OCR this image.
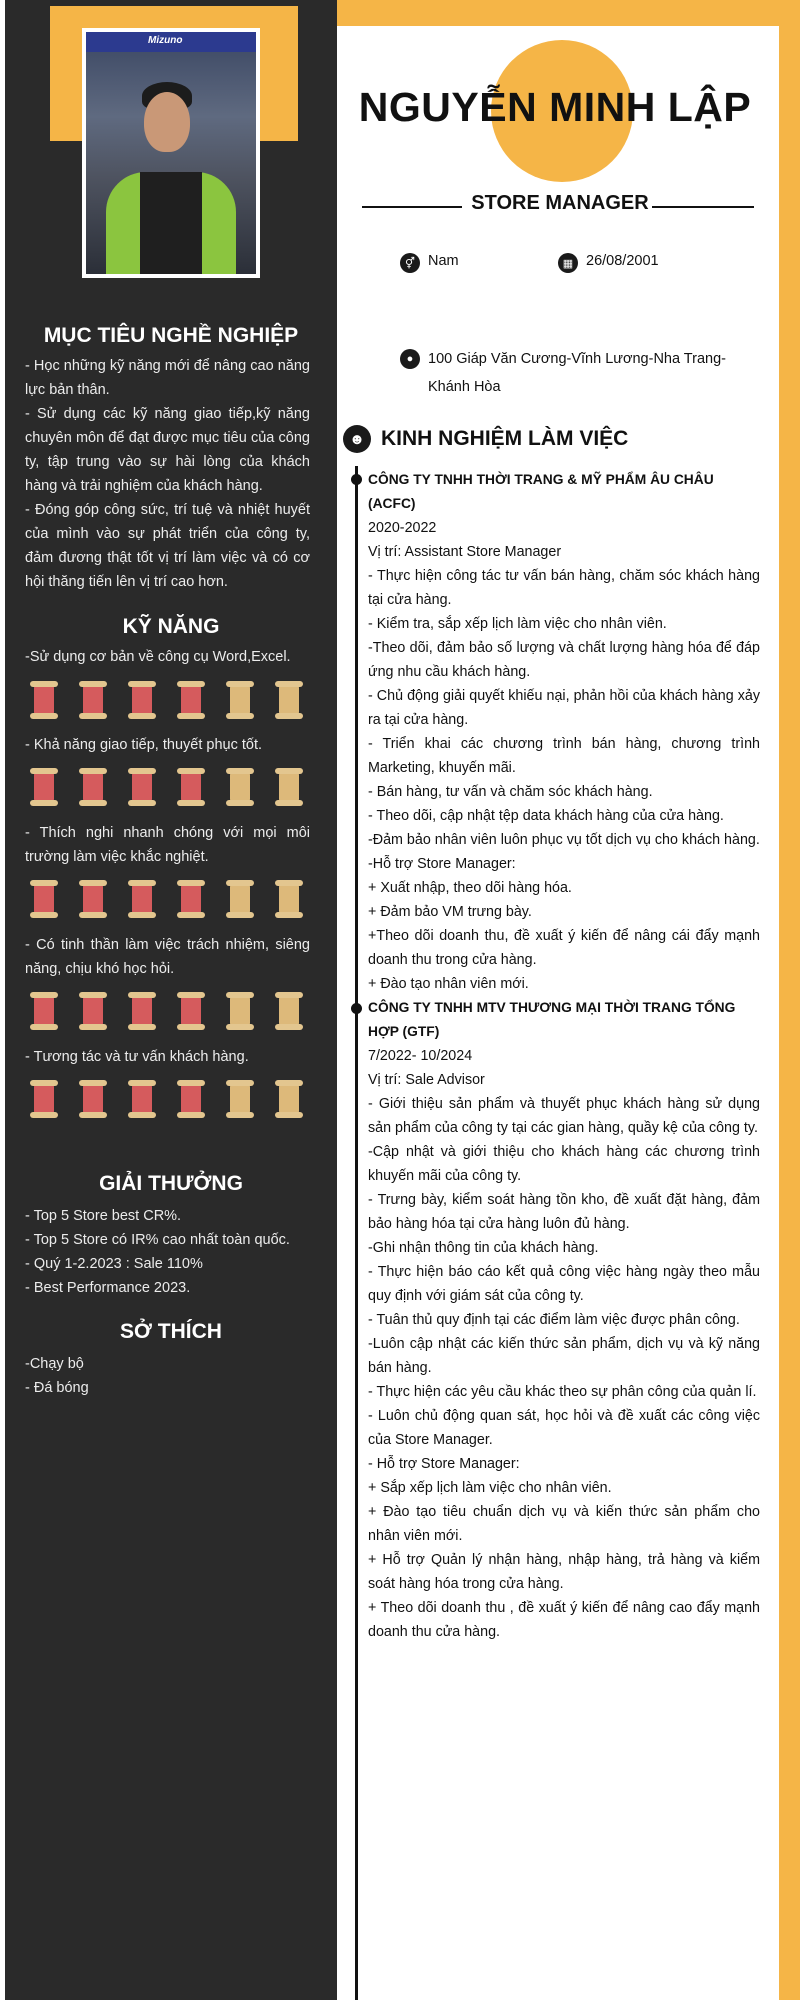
Mizuno
NGUYỄN MINH LẬP
STORE MANAGER
⚥ Nam	▦ 26/08/2001
●	100 Giáp Văn Cương-Vĩnh Lương-Nha Trang-
Khánh Hòa
MỤC TIÊU NGHỀ NGHIỆP

- Học những kỹ năng mới để nâng cao năng lực bản thân.

- Sử dụng các kỹ năng giao tiếp,kỹ năng chuyên môn để đạt được mục tiêu của công ty, tập trung vào sự hài lòng của khách hàng và trải nghiệm của khách hàng.

- Đóng góp công sức, trí tuệ và nhiệt huyết của mình vào sự phát triển của công ty, đảm đương thật tốt vị trí làm việc và có cơ hội thăng tiến lên vị trí cao hơn.

KỸ NĂNG
-Sử dụng cơ bản về công cụ Word,Excel.
- Khả năng giao tiếp, thuyết phục tốt.
- Thích nghi nhanh chóng với mọi môi trường làm việc khắc nghiệt.
- Có tinh thần làm việc trách nhiệm, siêng năng, chịu khó học hỏi.
- Tương tác và tư vấn khách hàng.
GIẢI THƯỞNG

- Top 5 Store best CR%.

- Top 5 Store có IR% cao nhất toàn quốc.

- Quý 1-2.2023 : Sale 110%

- Best Performance 2023.

SỞ THÍCH

-Chạy bộ

- Đá bóng

☻ KINH NGHIỆM LÀM VIỆC

CÔNG TY TNHH THỜI TRANG & MỸ PHẨM ÂU CHÂU (ACFC)

2020-2022

Vị trí: Assistant Store Manager

- Thực hiện công tác tư vấn bán hàng, chăm sóc khách hàng tại cửa hàng.

- Kiểm tra, sắp xếp lịch làm việc cho nhân viên.

-Theo dõi, đảm bảo số lượng và chất lượng hàng hóa để đáp ứng nhu cầu khách hàng.

- Chủ động giải quyết khiếu nại, phản hồi của khách hàng xảy ra tại cửa hàng.

- Triển khai các chương trình bán hàng, chương trình Marketing, khuyến mãi.

- Bán hàng, tư vấn và chăm sóc khách hàng.

- Theo dõi, cập nhật tệp data khách hàng của cửa hàng.

-Đảm bảo nhân viên luôn phục vụ tốt dịch vụ cho khách hàng.

-Hỗ trợ Store Manager:

+ Xuất nhập, theo dõi hàng hóa.

+ Đảm bảo VM trưng bày.

+Theo dõi doanh thu, đề xuất ý kiến để nâng cái đẩy mạnh doanh thu trong cửa hàng.

+ Đào tạo nhân viên mới.

CÔNG TY TNHH MTV THƯƠNG MẠI THỜI TRANG TỔNG HỢP (GTF)

7/2022- 10/2024

Vị trí: Sale Advisor

- Giới thiệu sản phẩm và thuyết phục khách hàng sử dụng sản phẩm của công ty tại các gian hàng, quầy kệ của công ty.

-Cập nhật và giới thiệu cho khách hàng các chương trình khuyến mãi của công ty.

- Trưng bày, kiểm soát hàng tồn kho, đề xuất đặt hàng, đảm bảo hàng hóa tại cửa hàng luôn đủ hàng.

-Ghi nhận thông tin của khách hàng.

- Thực hiện báo cáo kết quả công việc hàng ngày theo mẫu quy định với giám sát của công ty.

- Tuân thủ quy định tại các điểm làm việc được phân công.

-Luôn cập nhật các kiến thức sản phẩm, dịch vụ và kỹ năng bán hàng.

- Thực hiện các yêu cầu khác theo sự phân công của quản lí.

- Luôn chủ động quan sát, học hỏi và đề xuất các công việc của Store Manager.

- Hỗ trợ Store Manager:

+ Sắp xếp lịch làm việc cho nhân viên.

+ Đào tạo tiêu chuẩn dịch vụ và kiến thức sản phẩm cho nhân viên mới.

+ Hỗ trợ Quản lý nhận hàng, nhập hàng, trả hàng và kiểm soát hàng hóa trong cửa hàng.

+ Theo dõi doanh thu , đề xuất ý kiến để nâng cao đẩy mạnh doanh thu cửa hàng.
